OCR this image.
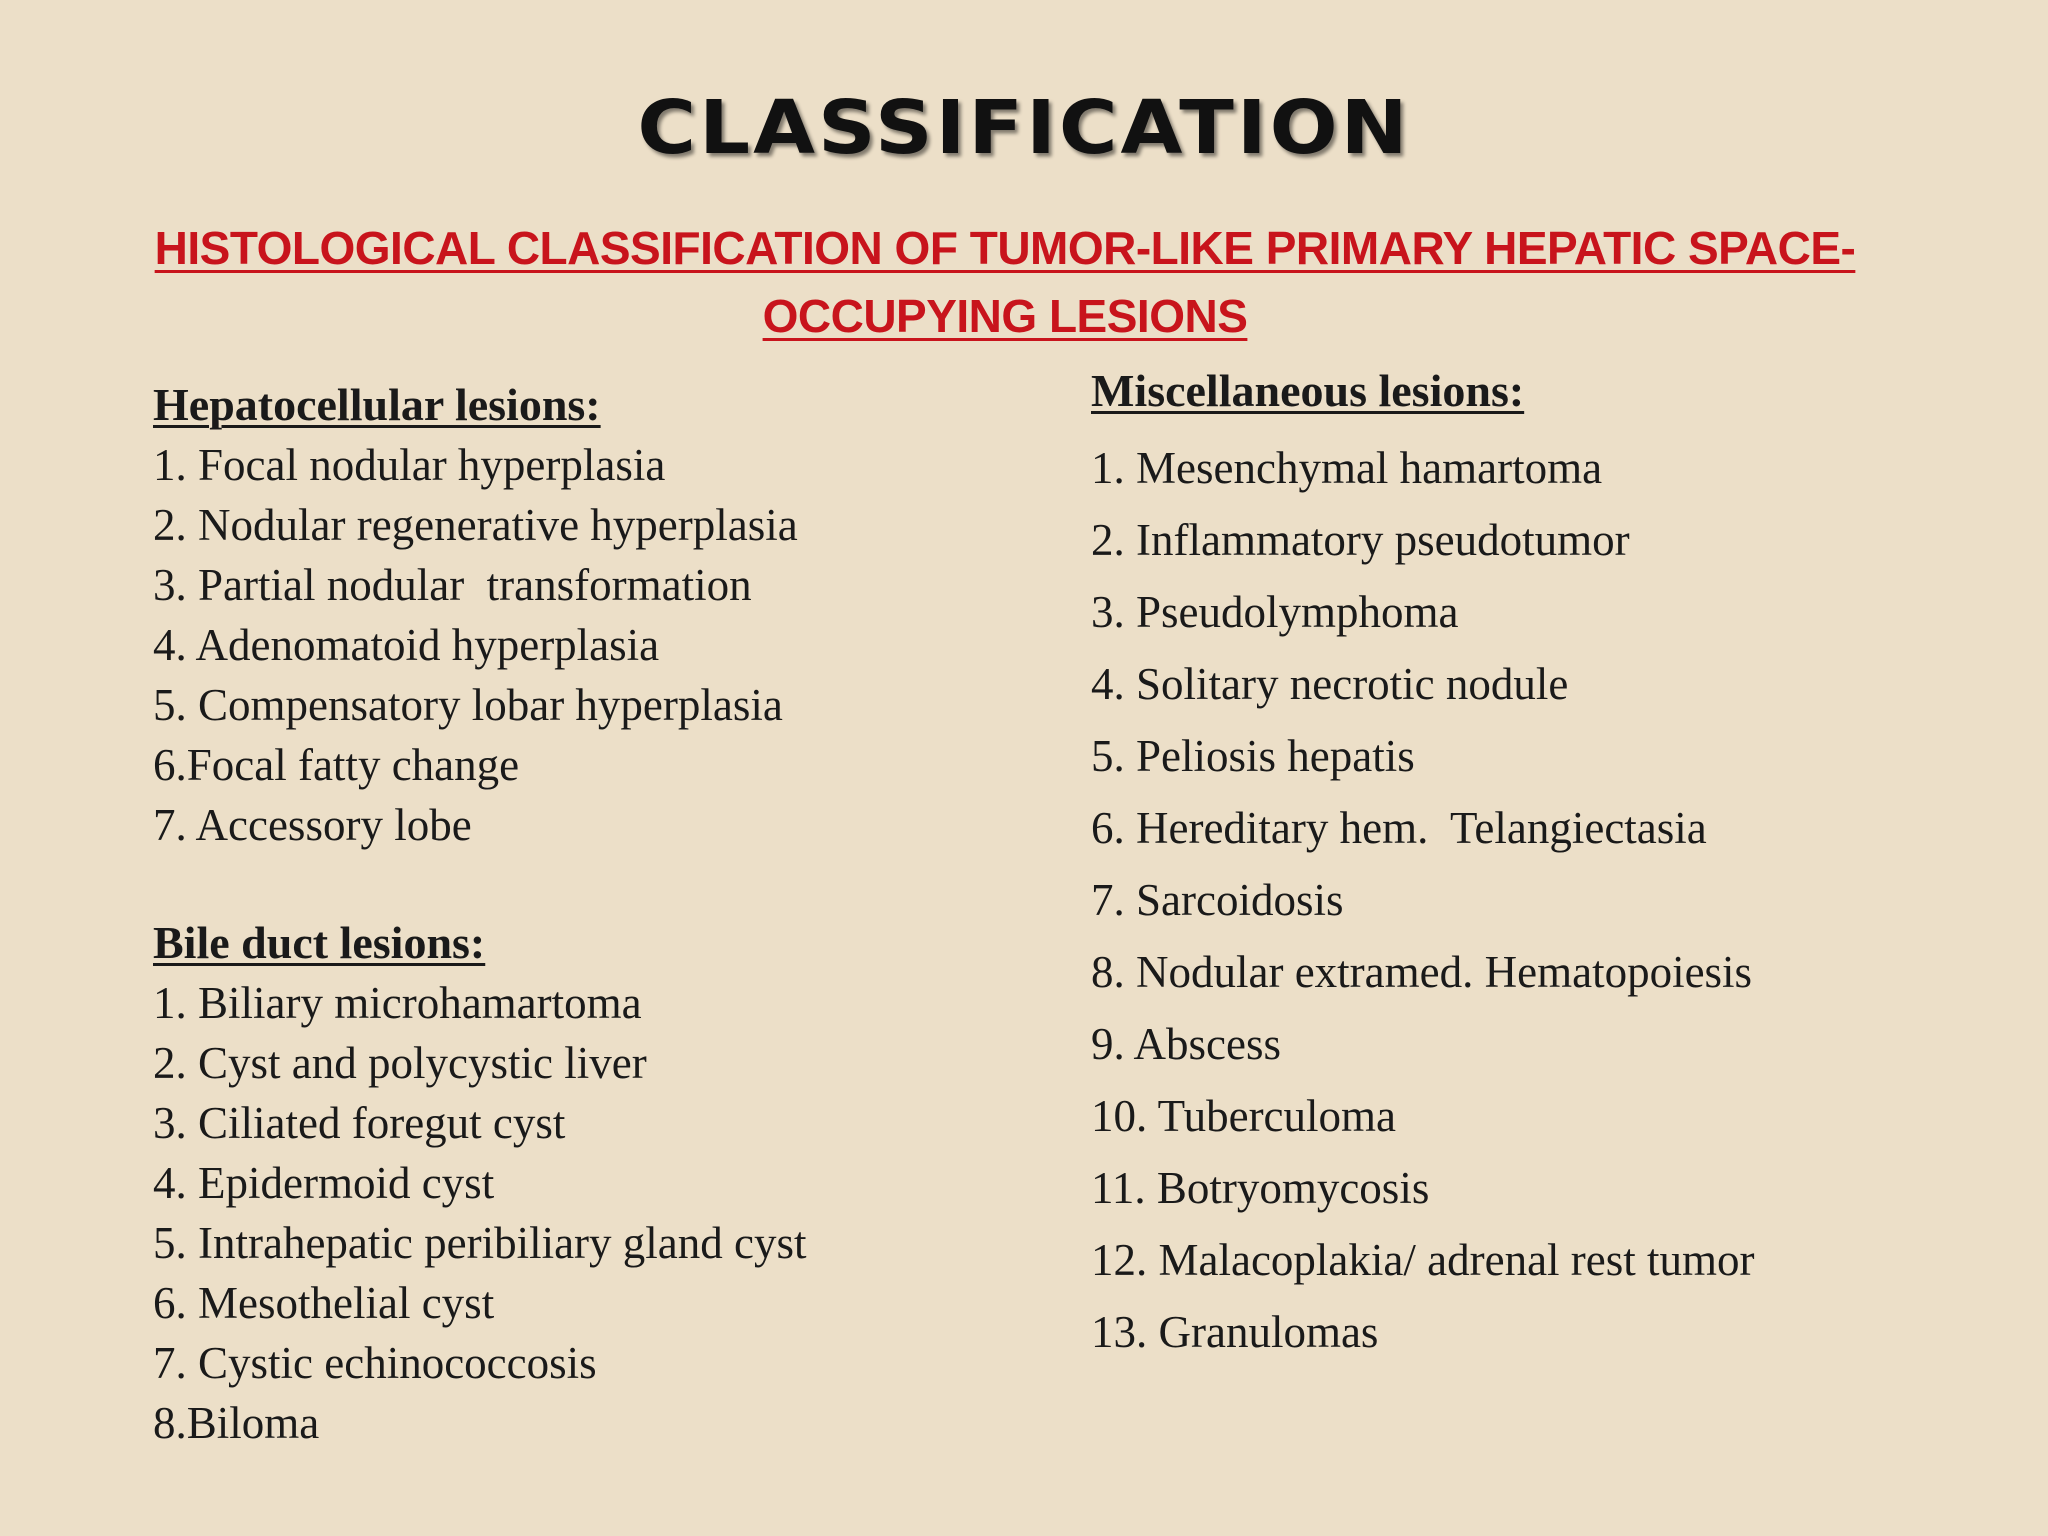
CLASSIFICATION
HISTOLOGICAL CLASSIFICATION OF TUMOR-LIKE PRIMARY HEPATIC SPACE-OCCUPYING LESIONS
Hepatocellular lesions:
1. Focal nodular hyperplasia
2. Nodular regenerative hyperplasia
3. Partial nodular  transformation
4. Adenomatoid hyperplasia
5. Compensatory lobar hyperplasia
6.Focal fatty change
7. Accessory lobe
Bile duct lesions:
1. Biliary microhamartoma
2. Cyst and polycystic liver
3. Ciliated foregut cyst
4. Epidermoid cyst
5. Intrahepatic peribiliary gland cyst
6. Mesothelial cyst
7. Cystic echinococcosis
8.Biloma
Miscellaneous lesions:
1. Mesenchymal hamartoma
2. Inflammatory pseudotumor
3. Pseudolymphoma
4. Solitary necrotic nodule
5. Peliosis hepatis
6. Hereditary hem.  Telangiectasia
7. Sarcoidosis
8. Nodular extramed. Hematopoiesis
9. Abscess
10. Tuberculoma
11. Botryomycosis
12. Malacoplakia/ adrenal rest tumor
13. Granulomas
